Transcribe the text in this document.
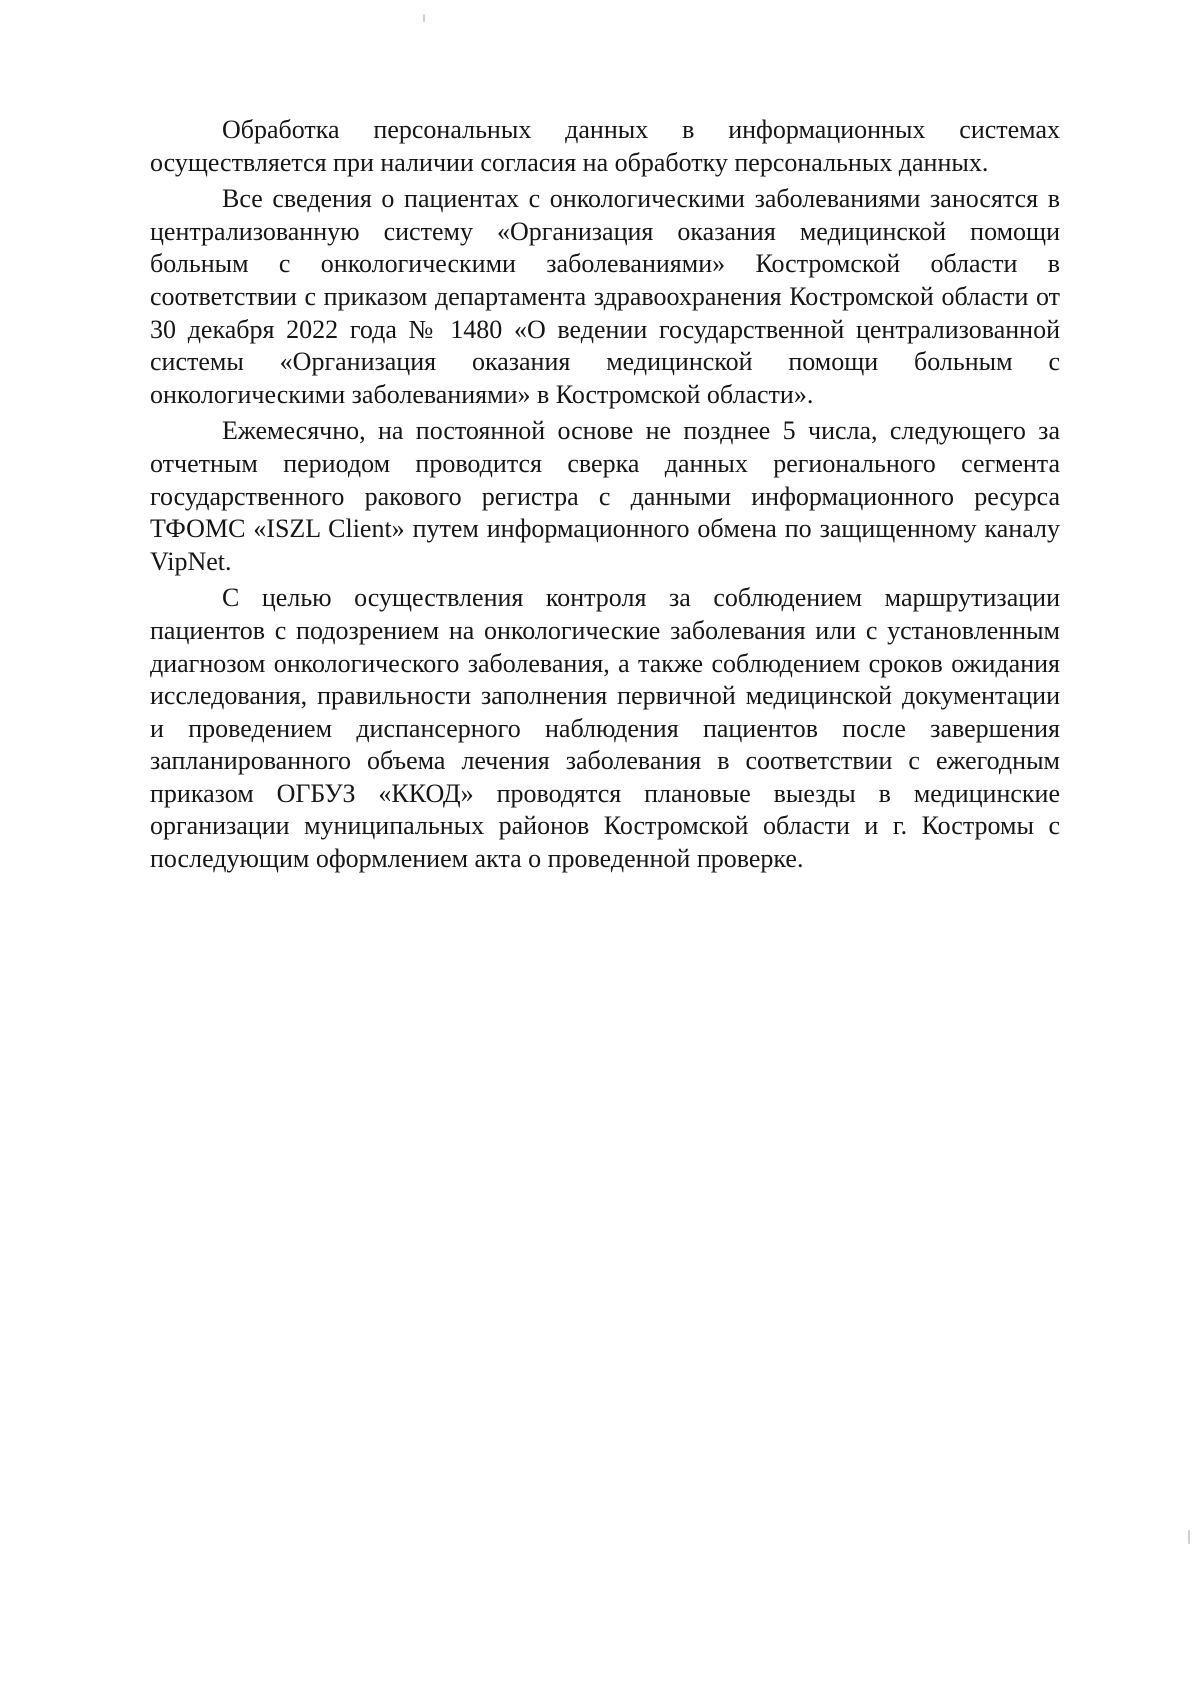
Обработка персональных данных в информационных системах осуществляется при наличии согласия на обработку персональных данных.

Все сведения о пациентах с онкологическими заболеваниями заносятся в централизованную систему «Организация оказания медицинской помощи больным с онкологическими заболеваниями» Костромской области в соответствии с приказом департамента здравоохранения Костромской области от 30 декабря 2022 года № 1480 «О ведении государственной централизованной системы «Организация оказания медицинской помощи больным с онкологическими заболеваниями» в Костромской области».

Ежемесячно, на постоянной основе не позднее 5 числа, следующего за отчетным периодом проводится сверка данных регионального сегмента государственного ракового регистра с данными информационного ресурса ТФОМС «ISZL Client» путем информационного обмена по защищенному каналу VipNet.

С целью осуществления контроля за соблюдением маршрутизации пациентов с подозрением на онкологические заболевания или с установленным диагнозом онкологического заболевания, а также соблюдением сроков ожидания исследования, правильности заполнения первичной медицинской документации и проведением диспансерного наблюдения пациентов после завершения запланированного объема лечения заболевания в соответствии с ежегодным приказом ОГБУЗ «ККОД» проводятся плановые выезды в медицинские организации муниципальных районов Костромской области и г. Костромы с последующим оформлением акта о проведенной проверке.
